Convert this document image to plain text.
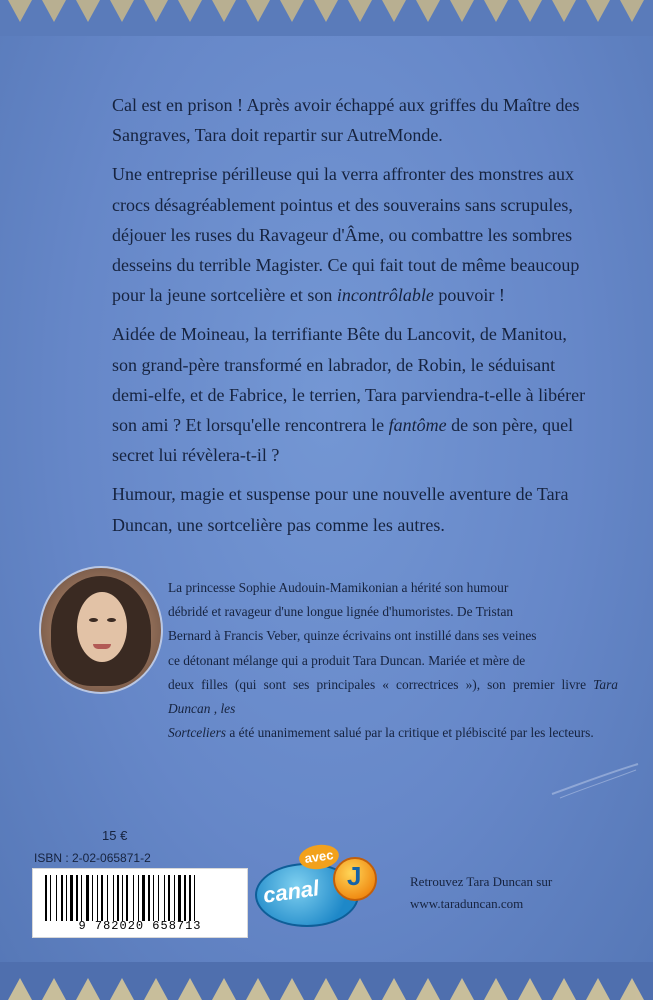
Cal est en prison ! Après avoir échappé aux griffes du Maître des
Sangraves, Tara doit repartir sur AutreMonde.

Une entreprise périlleuse qui la verra affronter des monstres aux
crocs désagréablement pointus et des souverains sans scrupules,
déjouer les ruses du Ravageur d'Âme, ou combattre les sombres
desseins du terrible Magister. Ce qui fait tout de même beaucoup
pour la jeune sortcelière et son incontrôlable pouvoir !

Aidée de Moineau, la terrifiante Bête du Lancovit, de Manitou,
son grand-père transformé en labrador, de Robin, le séduisant
demi-elfe, et de Fabrice, le terrien, Tara parviendra-t-elle à libérer
son ami ? Et lorsqu'elle rencontrera le fantôme de son père, quel
secret lui révèlera-t-il ?

Humour, magie et suspense pour une nouvelle aventure de Tara
Duncan, une sortcelière pas comme les autres.

La princesse Sophie Audouin-Mamikonian a hérité son humour
débridé et ravageur d'une longue lignée d'humoristes. De Tristan
Bernard à Francis Veber, quinze écrivains ont instillé dans ses veines
ce détonant mélange qui a produit Tara Duncan. Mariée et mère de
deux filles (qui sont ses principales « correctrices »), son premier livre Tara Duncan , les
Sortceliers a été unanimement salué par la critique et plébiscité par les lecteurs.

15 €
ISBN : 2-02-065871-2
9 782020 658713
canal J
avec
Retrouvez Tara Duncan sur
www.taraduncan.com
